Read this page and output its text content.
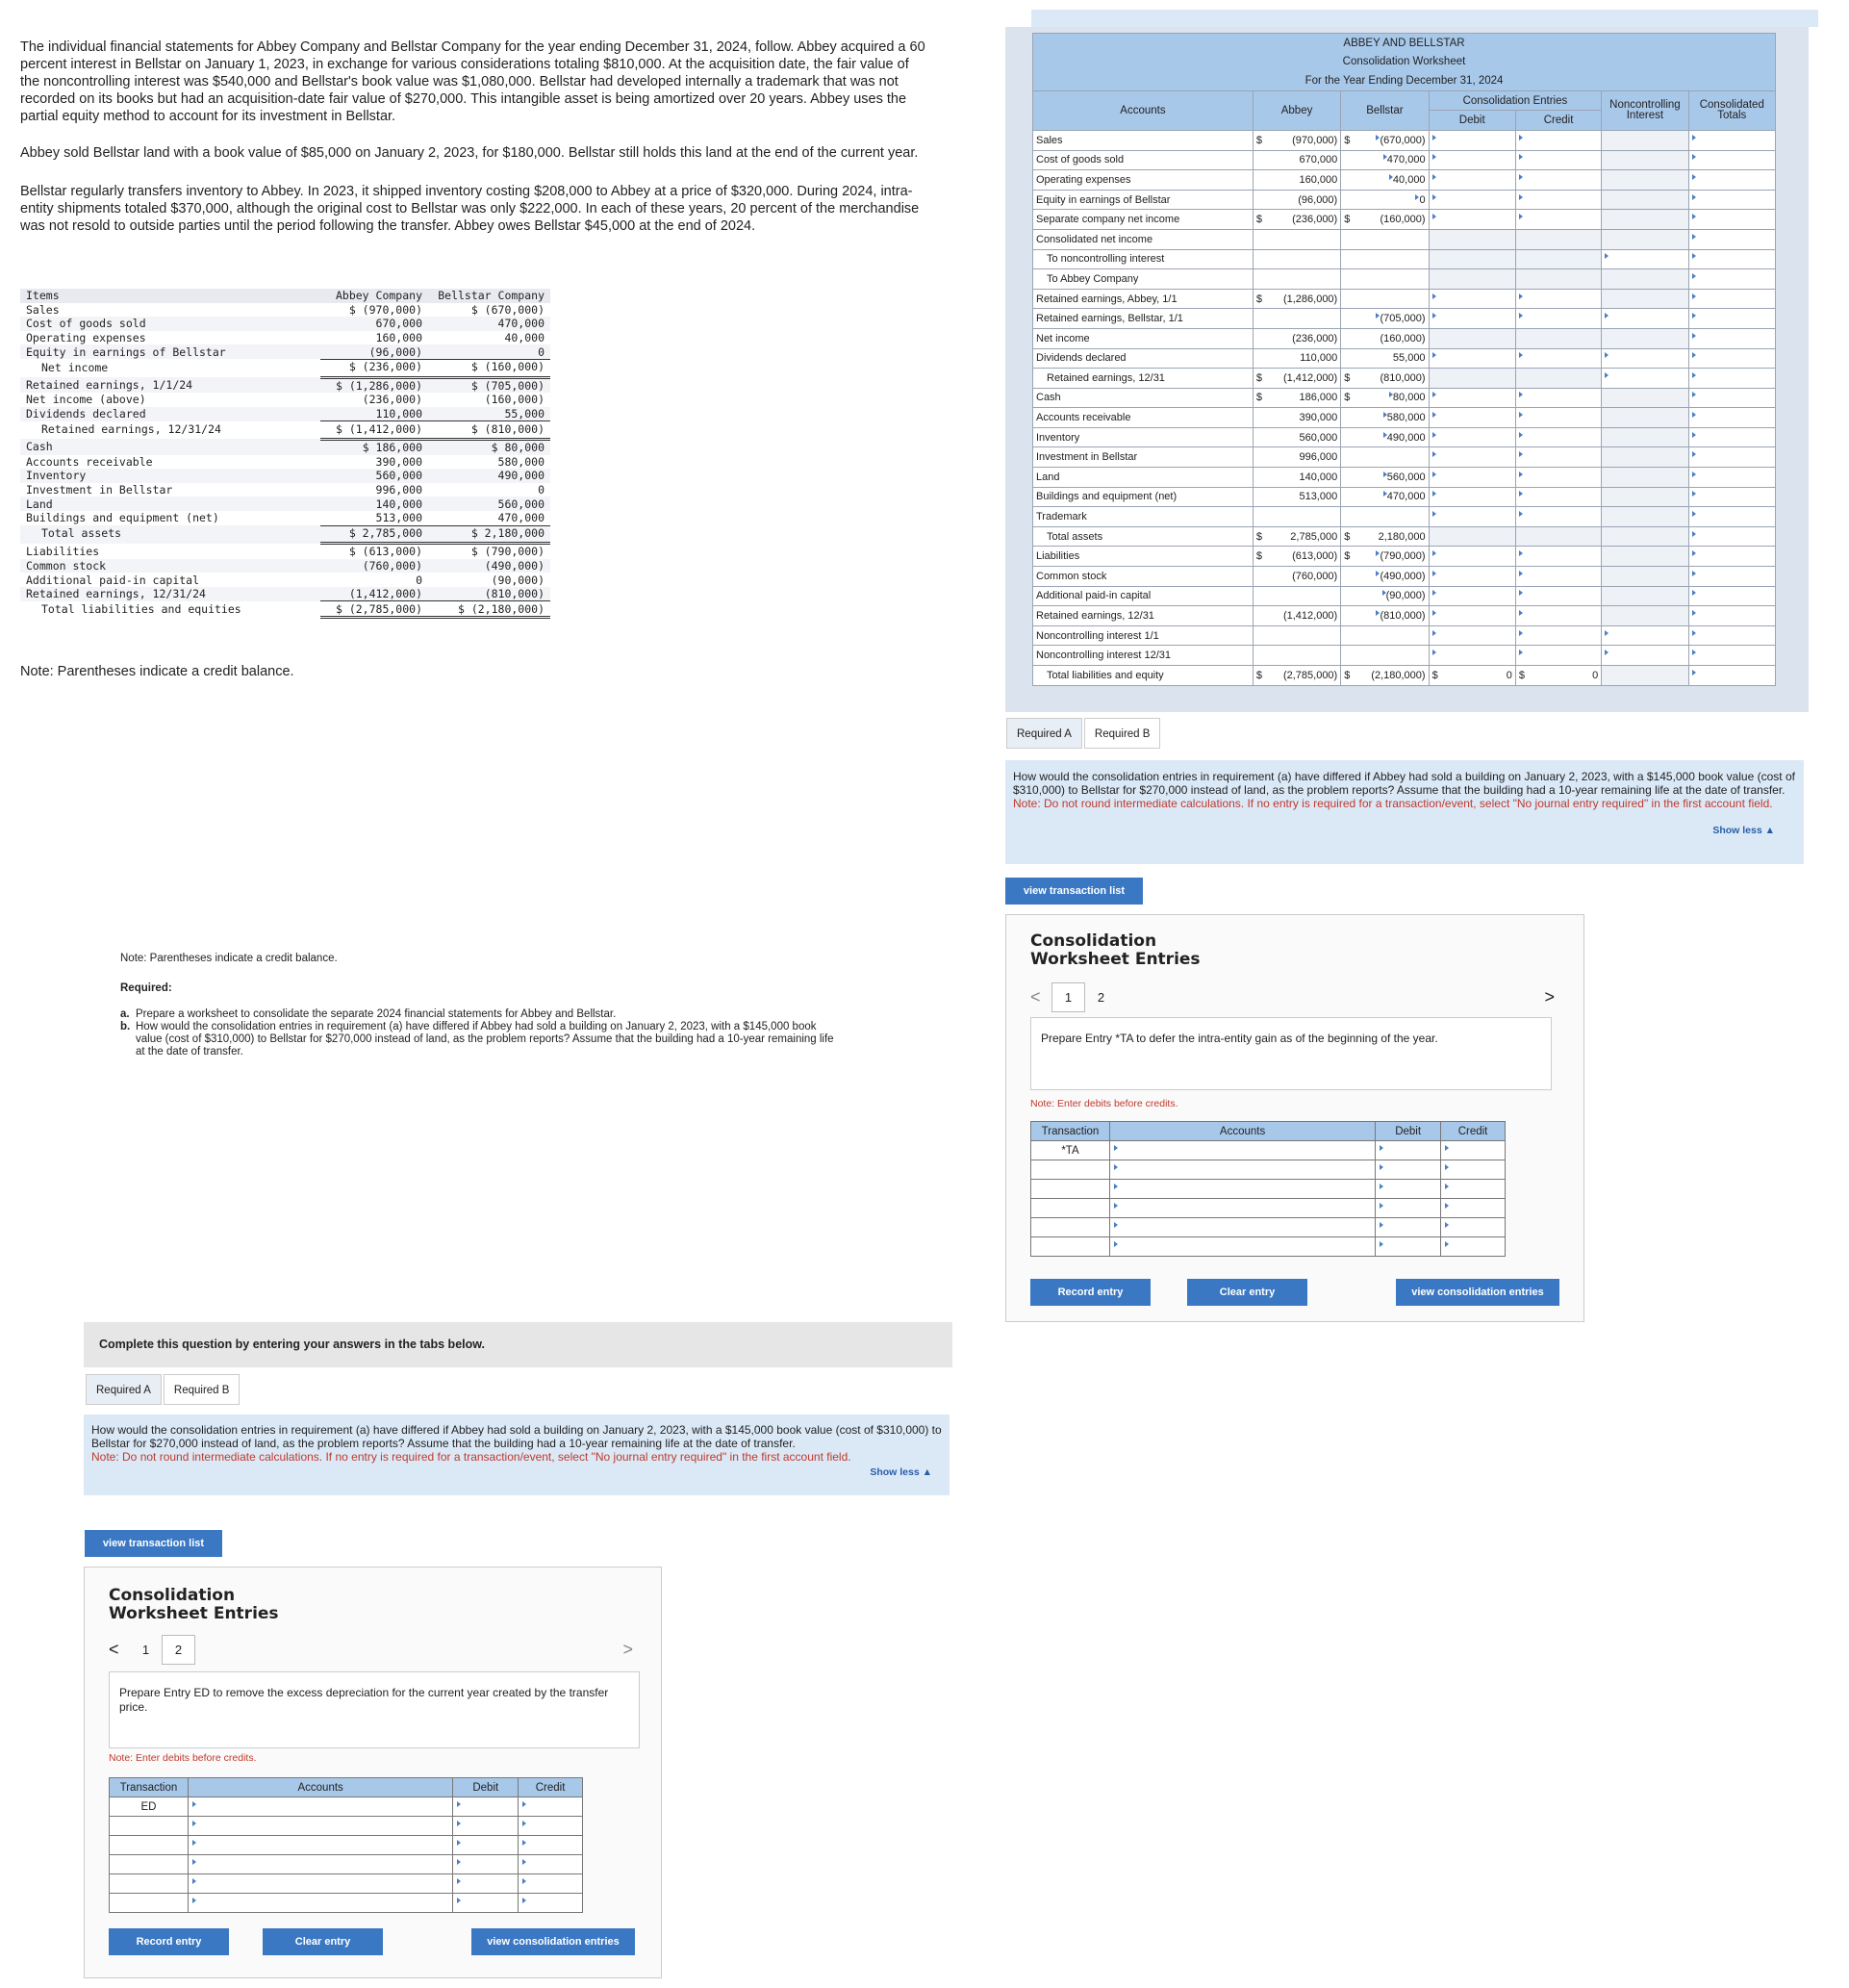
The individual financial statements for Abbey Company and Bellstar Company for the year ending December 31, 2024, follow. Abbey acquired a 60 percent interest in Bellstar on January 1, 2023, in exchange for various considerations totaling $810,000. At the acquisition date, the fair value of the noncontrolling interest was $540,000 and Bellstar's book value was $1,080,000. Bellstar had developed internally a trademark that was not recorded on its books but had an acquisition-date fair value of $270,000. This intangible asset is being amortized over 20 years. Abbey uses the partial equity method to account for its investment in Bellstar.

Abbey sold Bellstar land with a book value of $85,000 on January 2, 2023, for $180,000. Bellstar still holds this land at the end of the current year.

Bellstar regularly transfers inventory to Abbey. In 2023, it shipped inventory costing $208,000 to Abbey at a price of $320,000. During 2024, intra-entity shipments totaled $370,000, although the original cost to Bellstar was only $222,000. In each of these years, 20 percent of the merchandise was not resold to outside parties until the period following the transfer. Abbey owes Bellstar $45,000 at the end of 2024.

Items	Abbey Company	Bellstar Company
Sales	$ (970,000)	$ (670,000)
Cost of goods sold	670,000	470,000
Operating expenses	160,000	40,000
Equity in earnings of Bellstar	(96,000)	0
Net income	$ (236,000)	$ (160,000)
Retained earnings, 1/1/24	$ (1,286,000)	$ (705,000)
Net income (above)	(236,000)	(160,000)
Dividends declared	110,000	55,000
Retained earnings, 12/31/24	$ (1,412,000)	$ (810,000)
Cash	$ 186,000	$ 80,000
Accounts receivable	390,000	580,000
Inventory	560,000	490,000
Investment in Bellstar	996,000	0
Land	140,000	560,000
Buildings and equipment (net)	513,000	470,000
Total assets	$ 2,785,000	$ 2,180,000
Liabilities	$ (613,000)	$ (790,000)
Common stock	(760,000)	(490,000)
Additional paid-in capital	0	(90,000)
Retained earnings, 12/31/24	(1,412,000)	(810,000)
Total liabilities and equities	$ (2,785,000)	$ (2,180,000)
Note: Parentheses indicate a credit balance.
Note: Parentheses indicate a credit balance.
Required:
a. Prepare a worksheet to consolidate the separate 2024 financial statements for Abbey and Bellstar.
b. How would the consolidation entries in requirement (a) have differed if Abbey had sold a building on January 2, 2023, with a $145,000 book value (cost of $310,000) to Bellstar for $270,000 instead of land, as the problem reports? Assume that the building had a 10-year remaining life at the date of transfer.
Complete this question by entering your answers in the tabs below.
Required A	Required B
How would the consolidation entries in requirement (a) have differed if Abbey had sold a building on January 2, 2023, with a $145,000 book value (cost of $310,000) to Bellstar for $270,000 instead of land, as the problem reports? Assume that the building had a 10-year remaining life at the date of transfer.
Note: Do not round intermediate calculations. If no entry is required for a transaction/event, select "No journal entry required" in the first account field.
Show less ▲
view transaction list
Consolidation
Worksheet Entries
<	1	2	>
Prepare Entry ED to remove the excess depreciation for the current year created by the transfer price.
Note: Enter debits before credits.
Transaction	Accounts	Debit	Credit
ED			

Record entry	Clear entry	view consolidation entries
ABBEY AND BELLSTAR								
Consolidation Worksheet								
For the Year Ending December 31, 2024								
Accounts	Abbey		Bellstar		Consolidation Entries		Noncontrolling Interest	Consolidated Totals
					Debit	Credit		
Sales	$	(970,000)	$	(670,000)				
Cost of goods sold		670,000		470,000				
Operating expenses		160,000		40,000				
Equity in earnings of Bellstar		(96,000)		0				
Separate company net income	$	(236,000)	$	(160,000)				
Consolidated net income								
To noncontrolling interest								
To Abbey Company								
Retained earnings, Abbey, 1/1	$	(1,286,000)						
Retained earnings, Bellstar, 1/1				(705,000)				
Net income		(236,000)		(160,000)				
Dividends declared		110,000		55,000				
Retained earnings, 12/31	$	(1,412,000)	$	(810,000)				
Cash	$	186,000	$	80,000				
Accounts receivable		390,000		580,000				
Inventory		560,000		490,000				
Investment in Bellstar		996,000						
Land		140,000		560,000				
Buildings and equipment (net)		513,000		470,000				
Trademark								
Total assets	$	2,785,000	$	2,180,000				
Liabilities	$	(613,000)	$	(790,000)				
Common stock		(760,000)		(490,000)				
Additional paid-in capital				(90,000)				
Retained earnings, 12/31		(1,412,000)		(810,000)				
Noncontrolling interest 1/1								
Noncontrolling interest 12/31								
Total liabilities and equity	$	(2,785,000)	$	(2,180,000)	$ 0	$ 0		
Required A	Required B
How would the consolidation entries in requirement (a) have differed if Abbey had sold a building on January 2, 2023, with a $145,000 book value (cost of $310,000) to Bellstar for $270,000 instead of land, as the problem reports? Assume that the building had a 10-year remaining life at the date of transfer.
Note: Do not round intermediate calculations. If no entry is required for a transaction/event, select "No journal entry required" in the first account field.
Show less ▲
view transaction list
Consolidation
Worksheet Entries
<	1	2	>
Prepare Entry *TA to defer the intra-entity gain as of the beginning of the year.
Note: Enter debits before credits.
Transaction	Accounts	Debit	Credit
*TA			

Record entry	Clear entry	view consolidation entries
